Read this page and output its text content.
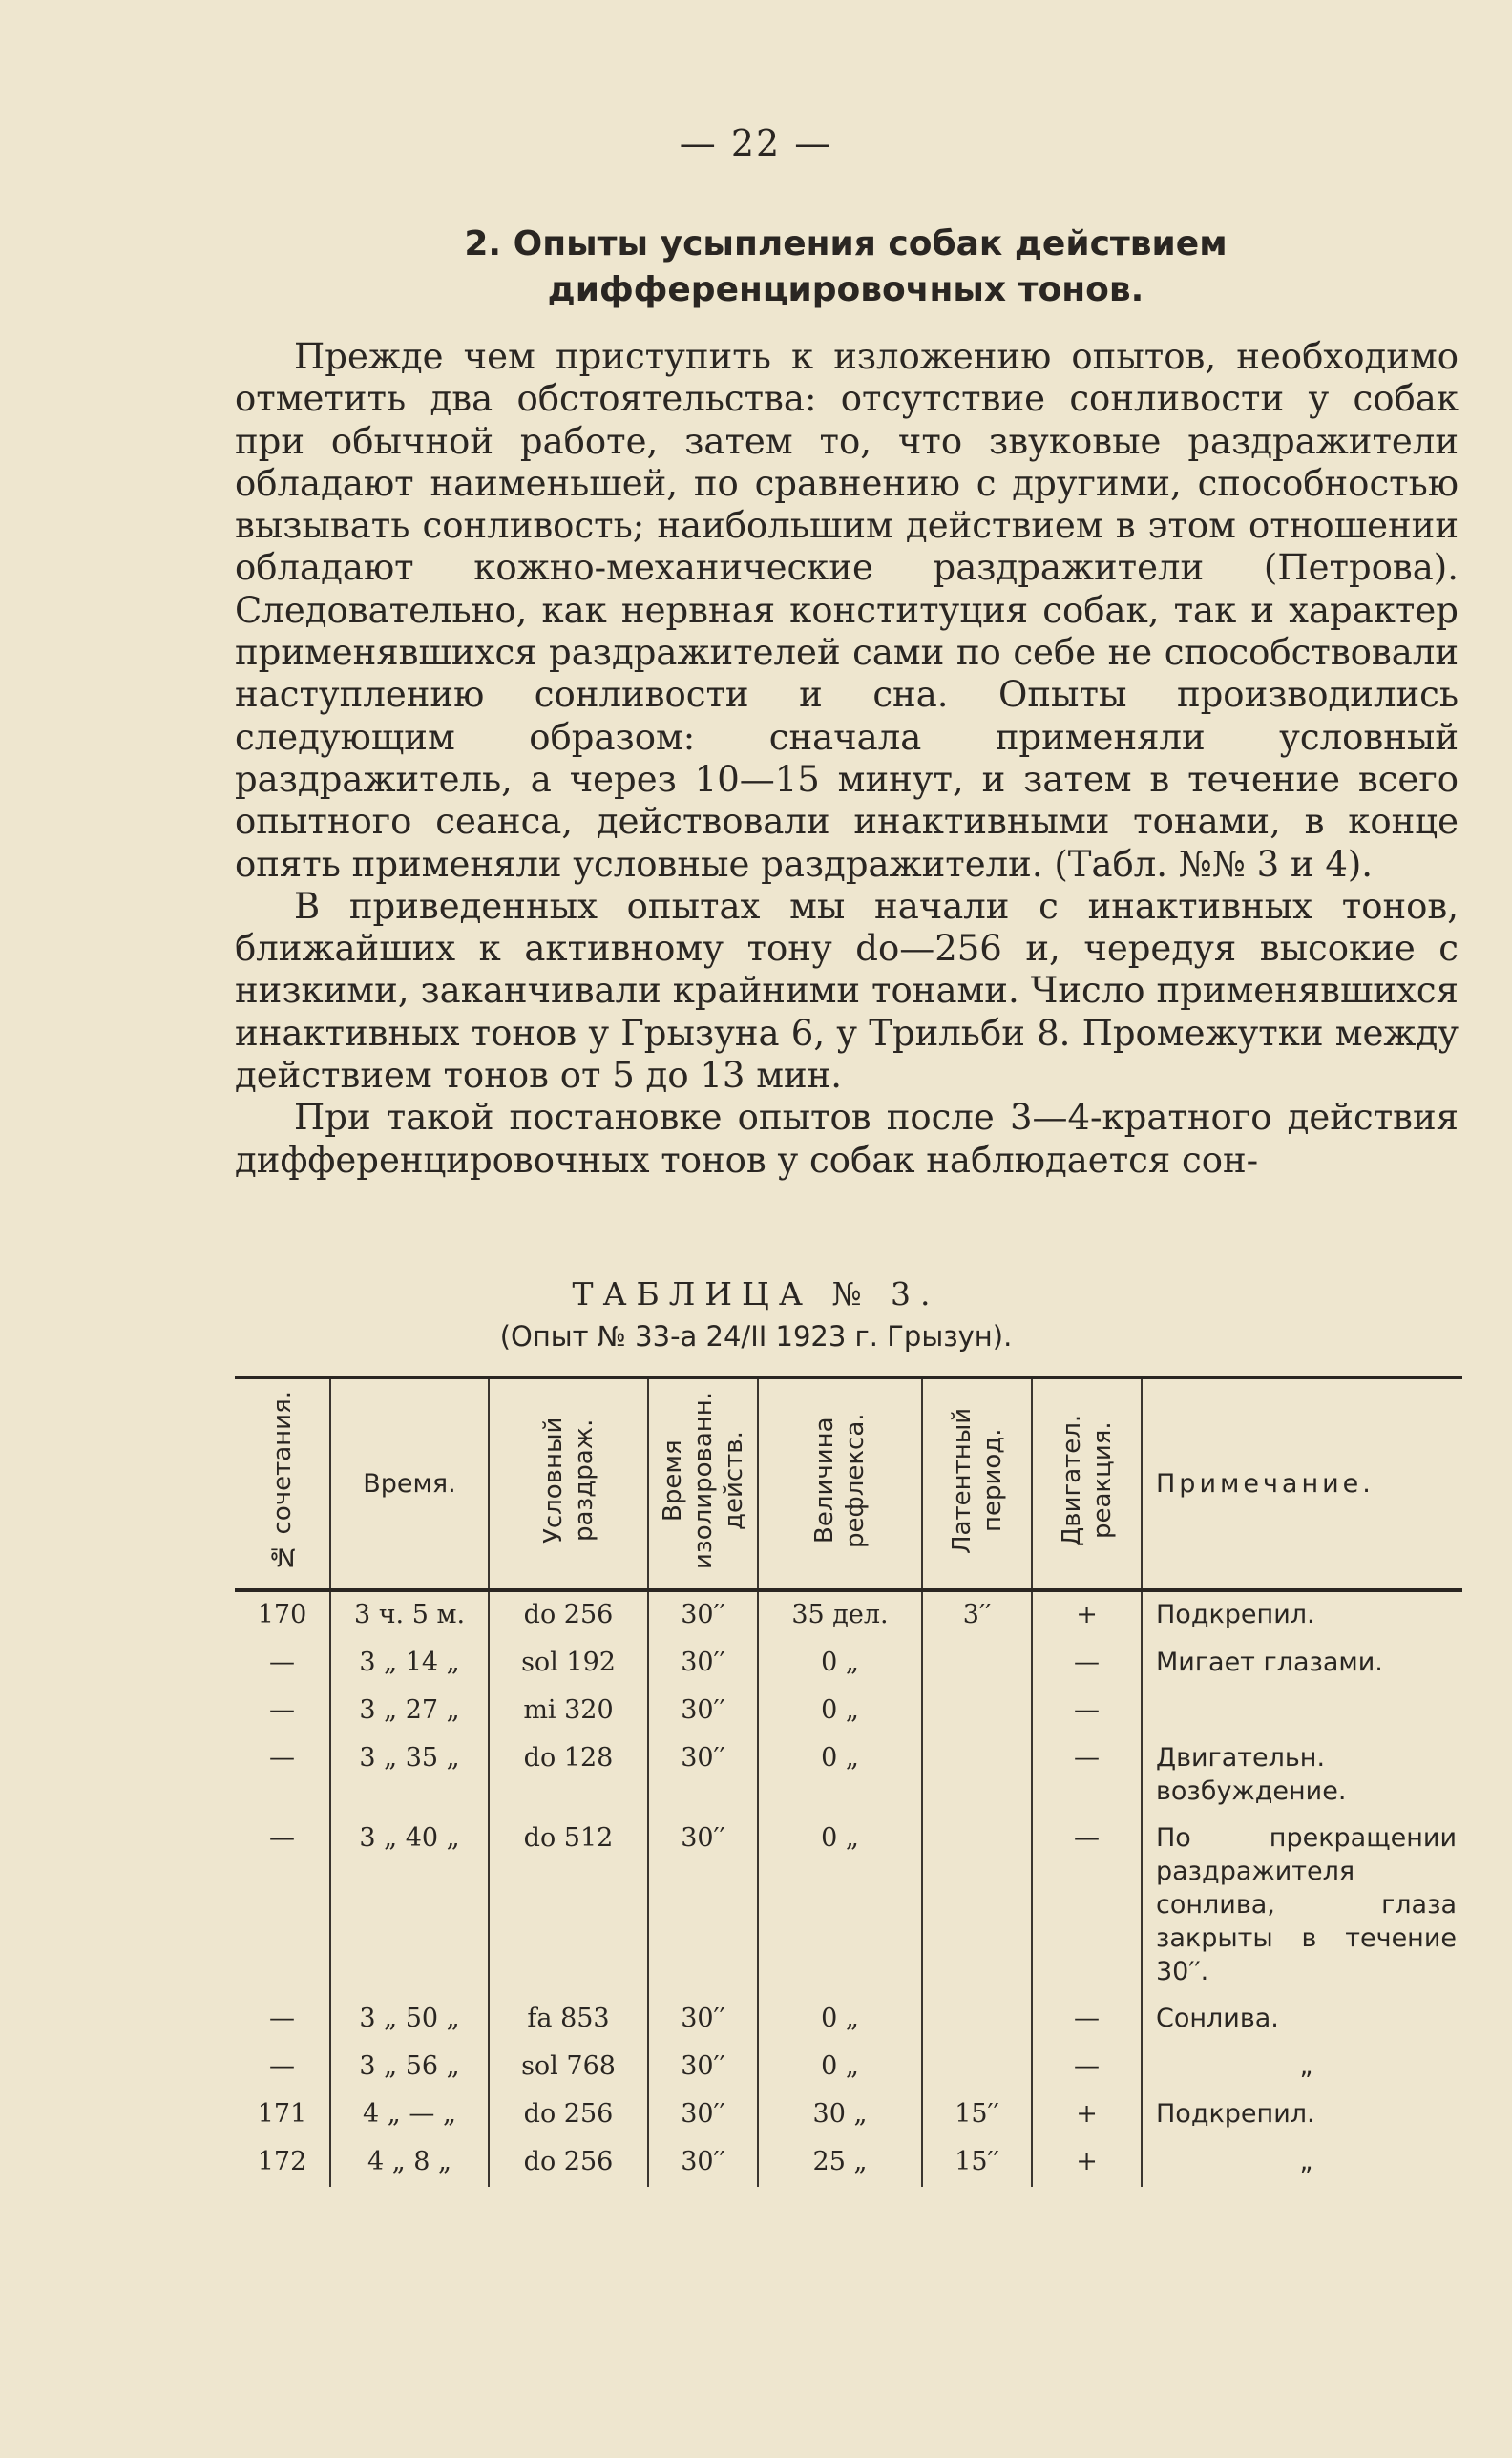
— 22 —
2. Опыты усыпления собак действием дифференцировочных тонов.

Прежде чем приступить к изложению опытов, необходимо отметить два обстоятельства: отсутствие сонливости у собак при обычной работе, затем то, что звуковые раздражители обладают наименьшей, по сравнению с другими, способностью вызывать сонливость; наибольшим действием в этом отношении обладают кожно-механические раздражители (Петрова). Следовательно, как нервная конституция собак, так и характер применявшихся раздражителей сами по себе не способствовали наступлению сонливости и сна. Опыты производились следующим образом: сначала применяли условный раздражитель, а через 10—15 минут, и затем в течение всего опытного сеанса, действовали инактивными тонами, в конце опять применяли условные раздражители. (Табл. №№ 3 и 4).

В приведенных опытах мы начали с инактивных тонов, ближайших к активному тону do—256 и, чередуя высокие с низкими, заканчивали крайними тонами. Число применявшихся инактивных тонов у Грызуна 6, у Трильби 8. Промежутки между действием тонов от 5 до 13 мин.

При такой постановке опытов после 3—4-кратного действия дифференцировочных тонов у собак наблюдается сон-

ТАБЛИЦА № 3.
(Опыт № 33-а 24/II 1923 г. Грызун).
№ сочетания.	Время.	Условный раздраж.	Время изолированн. действ.	Величина рефлекса.	Латентный период.	Двигател. реакция.	Примечание.
170	3 ч. 5 м.	do 256	30′′	35 дел.	3′′	+	Подкрепил.
—	3 „ 14 „	sol 192	30′′	0 „		—	Мигает глазами.
—	3 „ 27 „	mi 320	30′′	0 „		—	
—	3 „ 35 „	do 128	30′′	0 „		—	Двигательн. возбуждение.
—	3 „ 40 „	do 512	30′′	0 „		—	По прекращении раздражителя сонлива, глаза закрыты в течение 30′′.
—	3 „ 50 „	fa 853	30′′	0 „		—	Сонлива.
—	3 „ 56 „	sol 768	30′′	0 „		—	„
171	4 „ — „	do 256	30′′	30 „	15′′	+	Подкрепил.
172	4 „ 8 „	do 256	30′′	25 „	15′′	+	„
